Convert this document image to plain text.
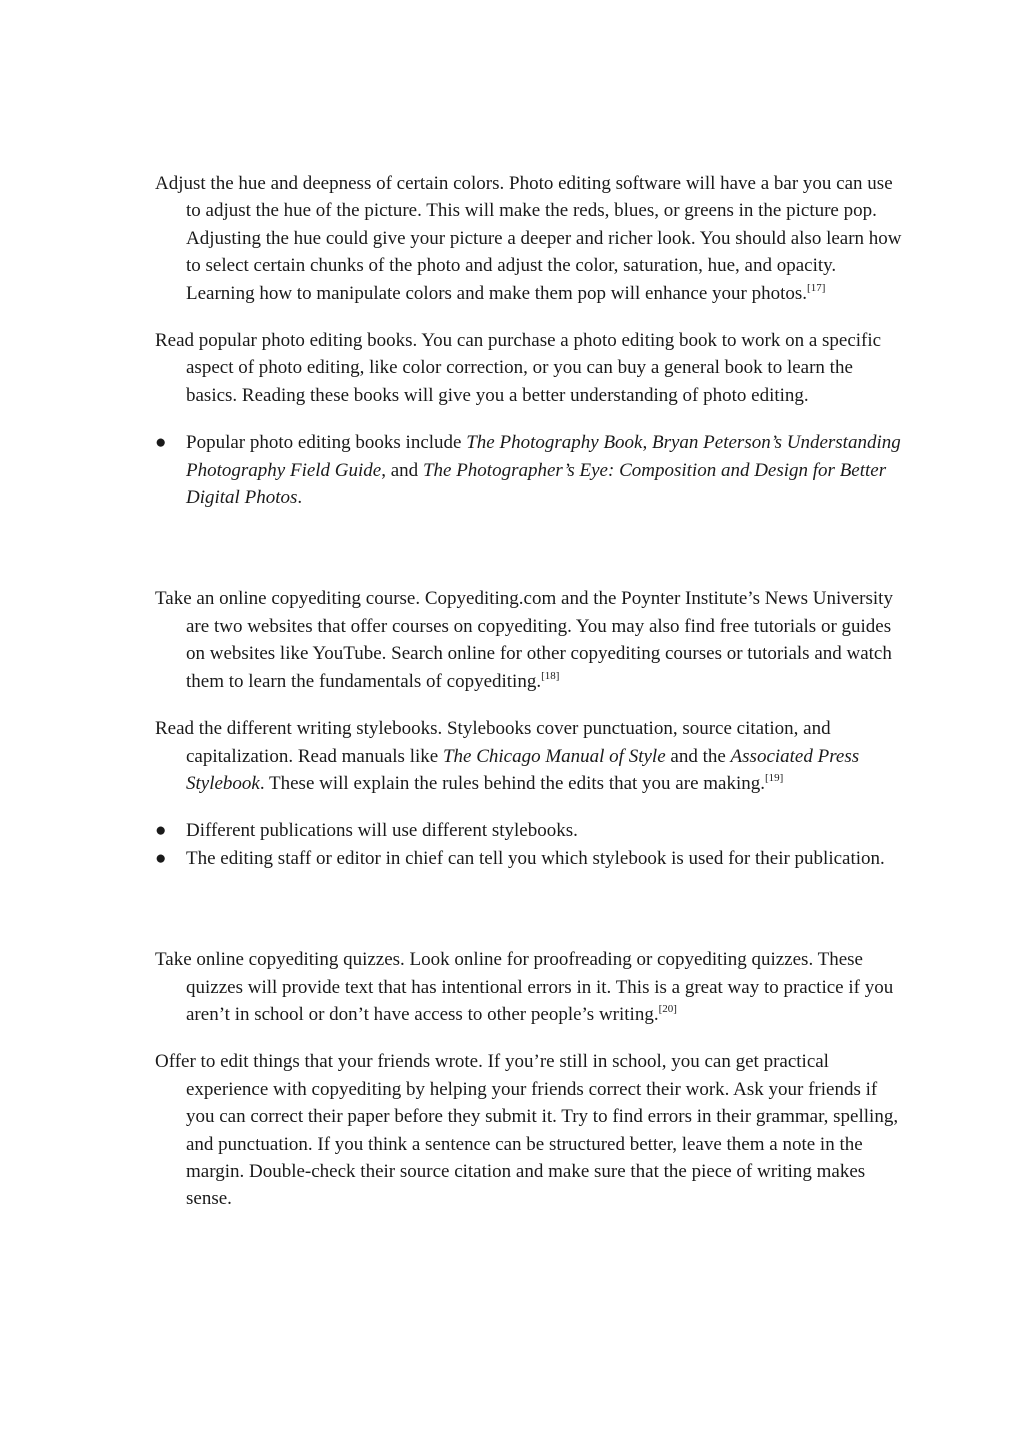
Adjust the hue and deepness of certain colors. Photo editing software will have a bar you can use to adjust the hue of the picture. This will make the reds, blues, or greens in the picture pop. Adjusting the hue could give your picture a deeper and richer look. You should also learn how to select certain chunks of the photo and adjust the color, saturation, hue, and opacity. Learning how to manipulate colors and make them pop will enhance your photos.[17]

Read popular photo editing books. You can purchase a photo editing book to work on a specific aspect of photo editing, like color correction, or you can buy a general book to learn the basics. Reading these books will give you a better understanding of photo editing.

● Popular photo editing books include The Photography Book, Bryan Peterson’s Understanding Photography Field Guide, and The Photographer’s Eye: Composition and Design for Better Digital Photos.

Take an online copyediting course. Copyediting.com and the Poynter Institute’s News University are two websites that offer courses on copyediting. You may also find free tutorials or guides on websites like YouTube. Search online for other copyediting courses or tutorials and watch them to learn the fundamentals of copyediting.[18]

Read the different writing stylebooks. Stylebooks cover punctuation, source citation, and capitalization. Read manuals like The Chicago Manual of Style and the Associated Press Stylebook. These will explain the rules behind the edits that you are making.[19]

● Different publications will use different stylebooks.
● The editing staff or editor in chief can tell you which stylebook is used for their publication.

Take online copyediting quizzes. Look online for proofreading or copyediting quizzes. These quizzes will provide text that has intentional errors in it. This is a great way to practice if you aren’t in school or don’t have access to other people’s writing.[20]

Offer to edit things that your friends wrote. If you’re still in school, you can get practical experience with copyediting by helping your friends correct their work. Ask your friends if you can correct their paper before they submit it. Try to find errors in their grammar, spelling, and punctuation. If you think a sentence can be structured better, leave them a note in the margin. Double-check their source citation and make sure that the piece of writing makes sense.
